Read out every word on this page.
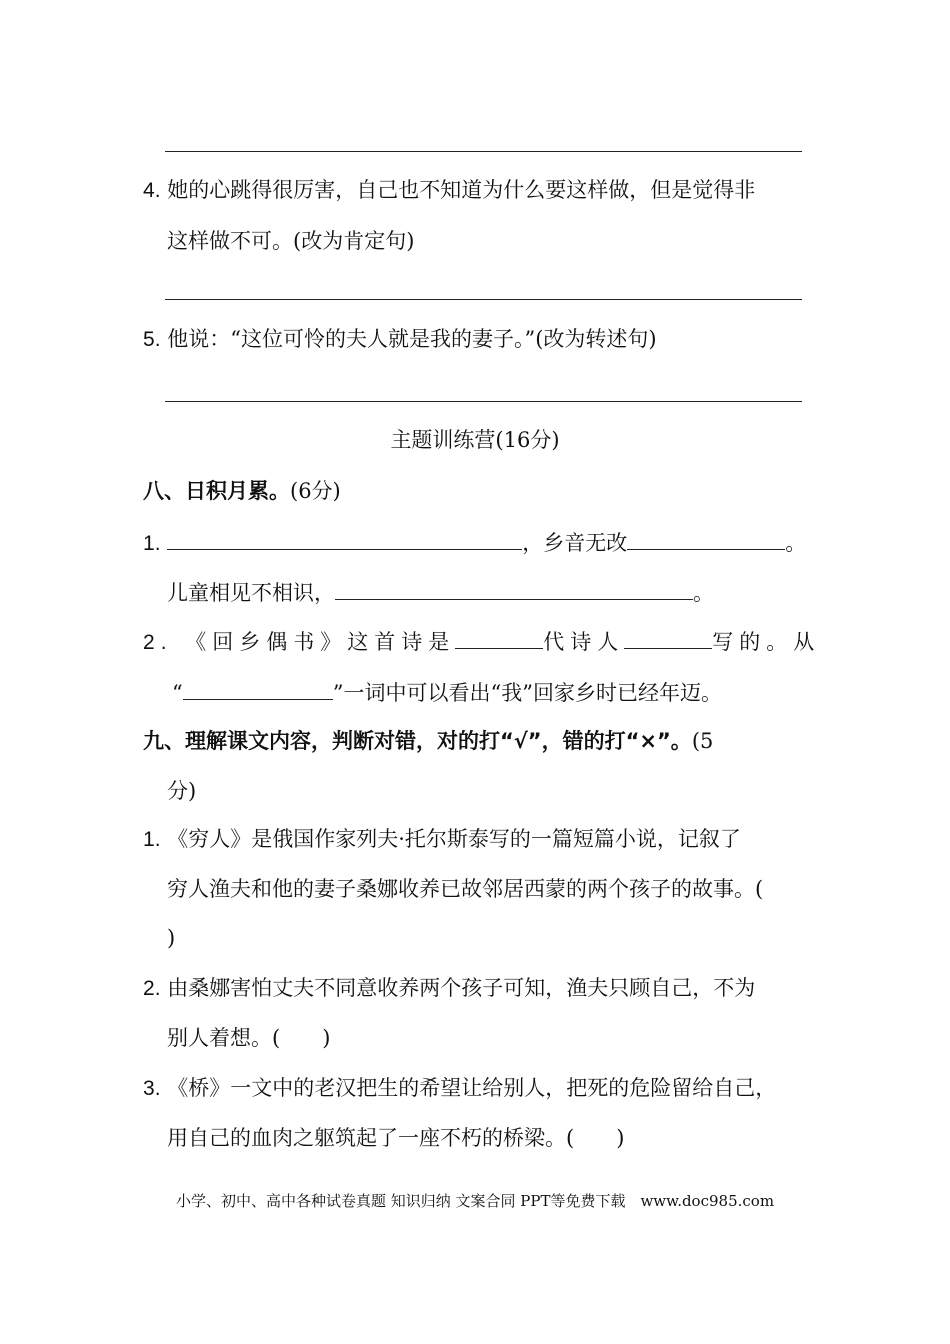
4. 她的心跳得很厉害，自己也不知道为什么要这样做，但是觉得非
这样做不可。(改为肯定句)
5. 他说：“这位可怜的夫人就是我的妻子。”(改为转述句)
主题训练营(16分)
八、日积月累。(6分)
1.	，乡音无改	。
儿童相见不相识，	。
2. 《回乡偶书》这首诗是	代诗人	写的。从
“	”一词中可以看出“我”回家乡时已经年迈。
九、理解课文内容，判断对错，对的打“√”，错的打“×”。(5
分)
1. 《穷人》是俄国作家列夫·托尔斯泰写的一篇短篇小说，记叙了
穷人渔夫和他的妻子桑娜收养已故邻居西蒙的两个孩子的故事。(
)
2. 由桑娜害怕丈夫不同意收养两个孩子可知，渔夫只顾自己，不为
别人着想。(　　)
3. 《桥》一文中的老汉把生的希望让给别人，把死的危险留给自己，
用自己的血肉之躯筑起了一座不朽的桥梁。(　　)
小学、初中、高中各种试卷真题 知识归纳 文案合同 PPT等免费下载　www.doc985.com
